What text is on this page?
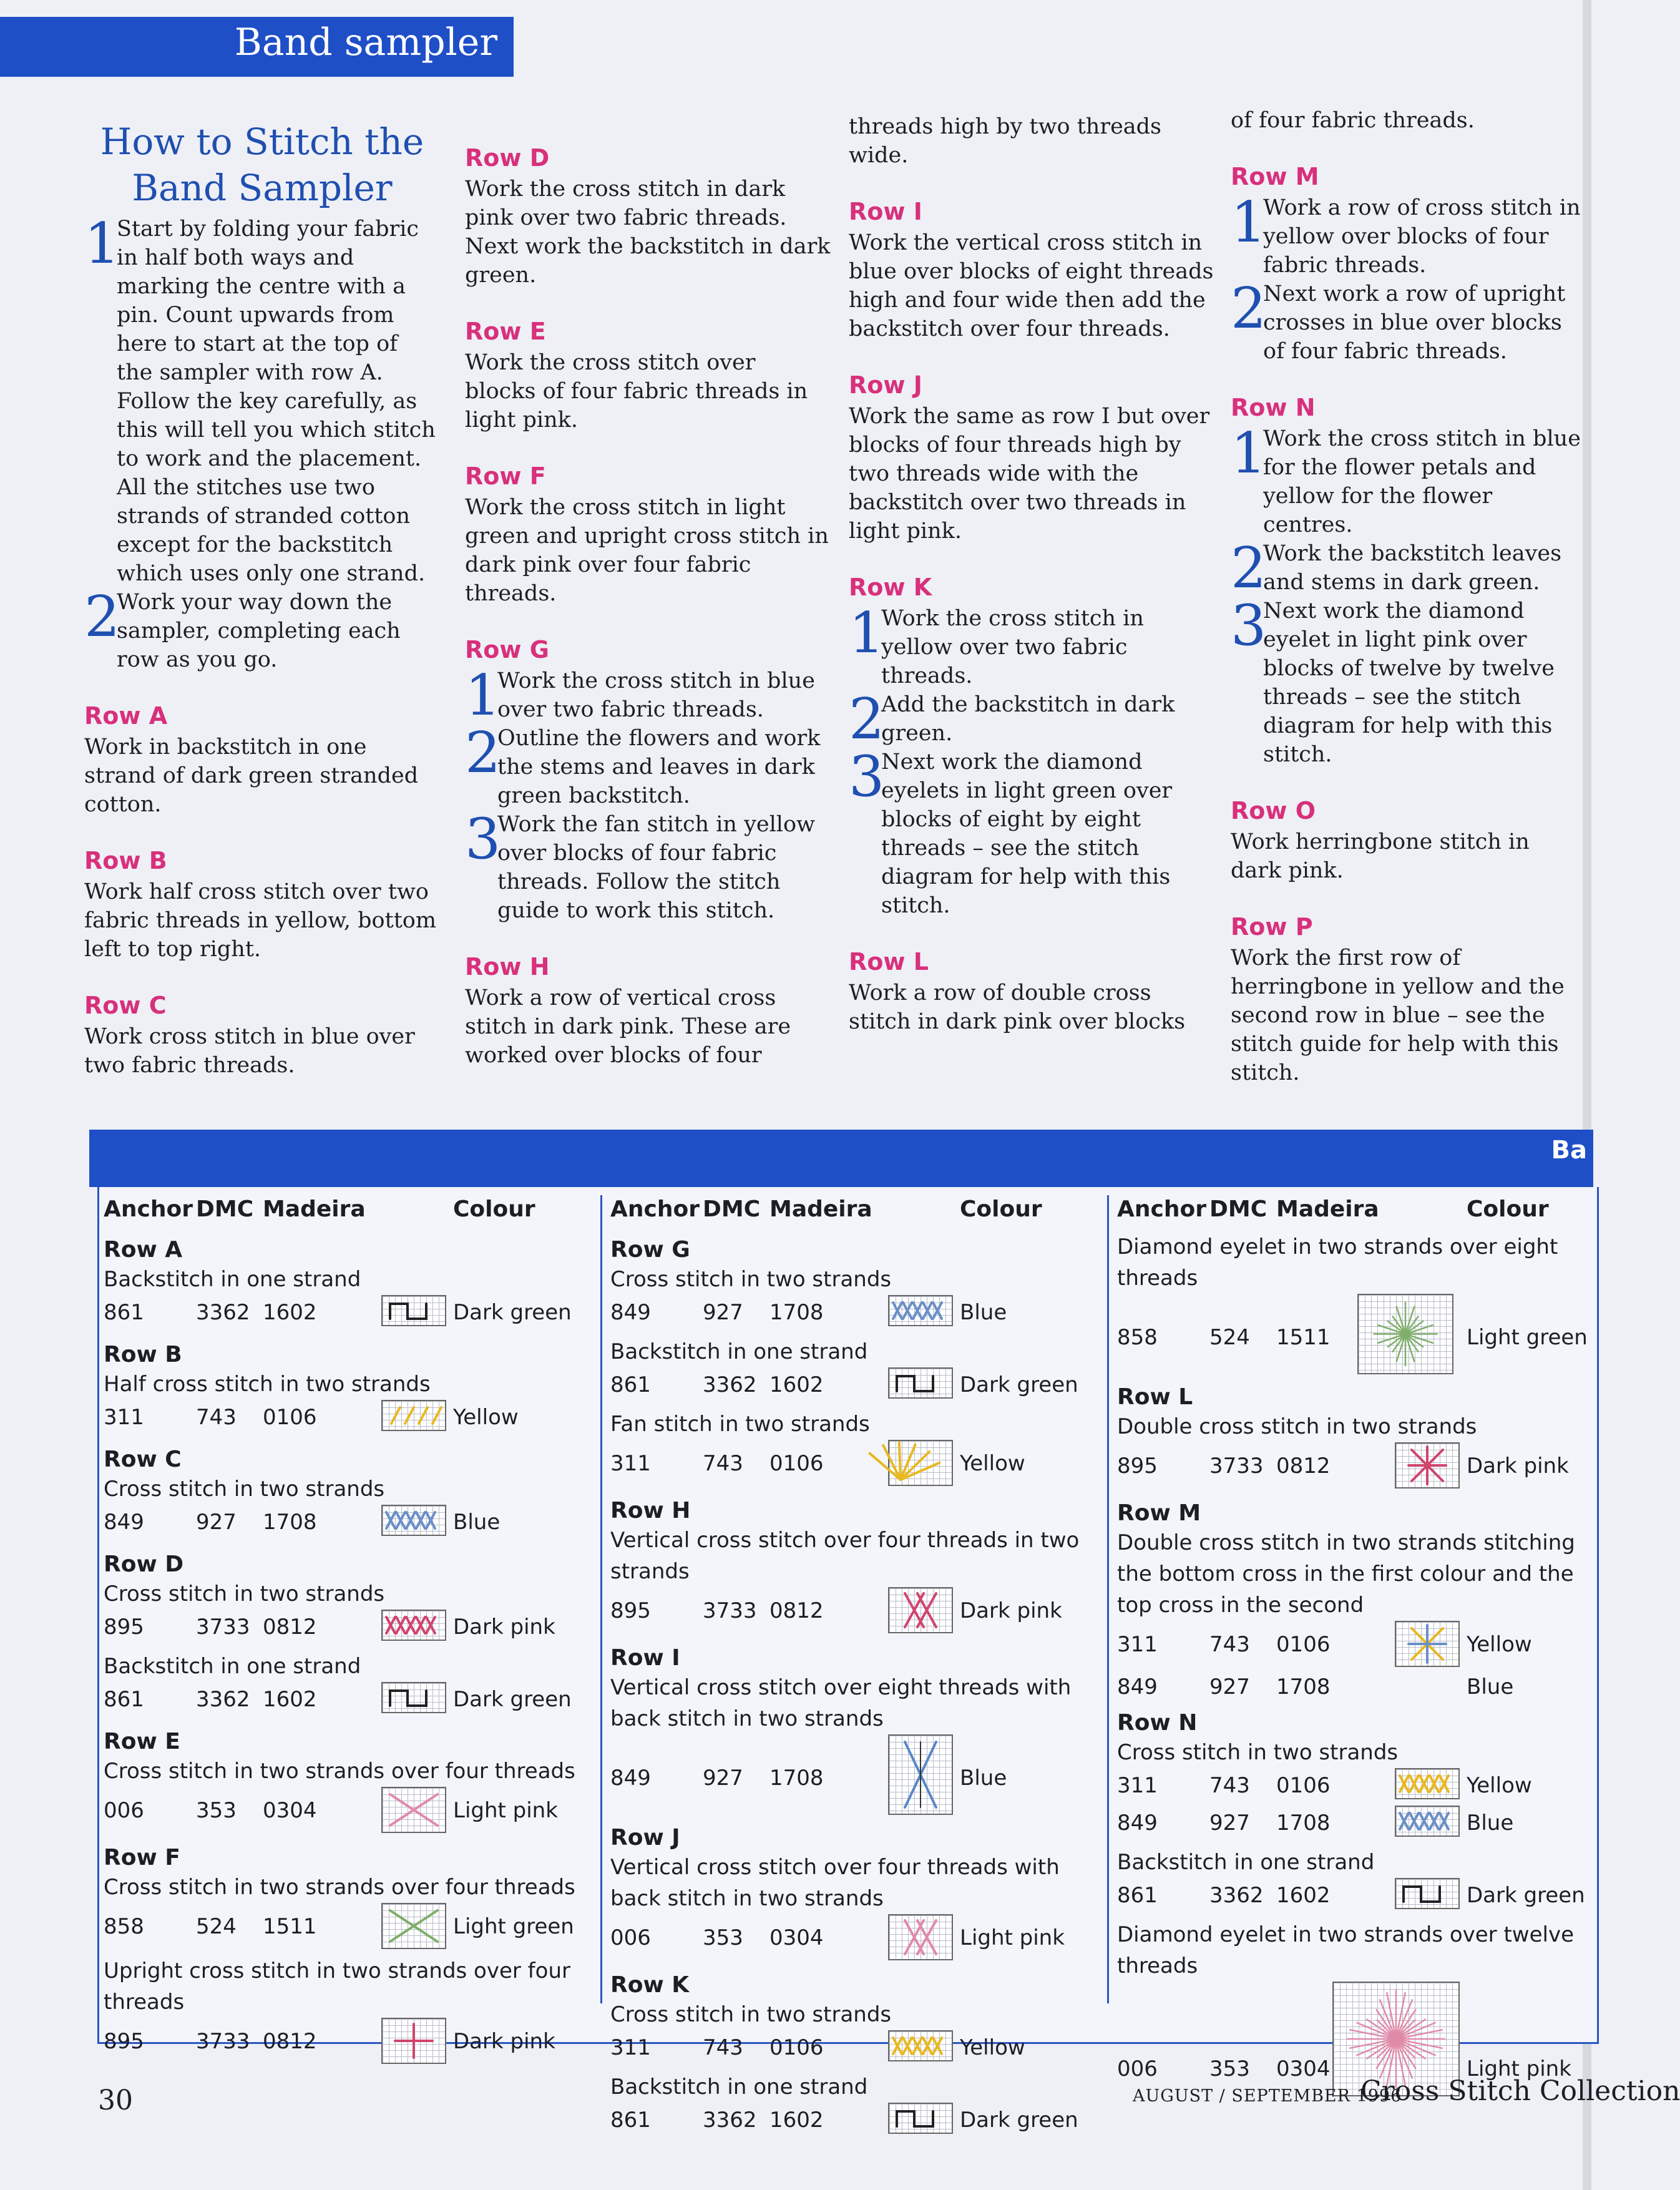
Band sampler
How to Stitch the Band Sampler
1
Start by folding your fabric in half both ways and marking the centre with a pin. Count upwards from here to start at the top of the sampler with row A. Follow the key carefully, as this will tell you which stitch to work and the placement. All the stitches use two strands of stranded cotton except for the backstitch which uses only one strand.
2
Work your way down the sampler, completing each row as you go.
Row A

Work in backstitch in one strand of dark green stranded cotton.

Row B

Work half cross stitch over two fabric threads in yellow, bottom left to top right.

Row C

Work cross stitch in blue over two fabric threads.

Row D

Work the cross stitch in dark pink over two fabric threads. Next work the backstitch in dark green.

Row E

Work the cross stitch over blocks of four fabric threads in light pink.

Row F

Work the cross stitch in light green and upright cross stitch in dark pink over four fabric threads.

Row G
1
Work the cross stitch in blue over two fabric threads.
2
Outline the flowers and work the stems and leaves in dark green backstitch.
3
Work the fan stitch in yellow over blocks of four fabric threads. Follow the stitch guide to work this stitch.
Row H

Work a row of vertical cross stitch in dark pink. These are worked over blocks of four

threads high by two threads wide.

Row I

Work the vertical cross stitch in blue over blocks of eight threads high and four wide then add the backstitch over four threads.

Row J

Work the same as row I but over blocks of four threads high by two threads wide with the backstitch over two threads in light pink.

Row K
1
Work the cross stitch in yellow over two fabric threads.
2
Add the backstitch in dark green.
3
Next work the diamond eyelets in light green over blocks of eight by eight threads – see the stitch diagram for help with this stitch.
Row L

Work a row of double cross stitch in dark pink over blocks

of four fabric threads.

Row M
1
Work a row of cross stitch in yellow over blocks of four fabric threads.
2
Next work a row of upright crosses in blue over blocks of four fabric threads.
Row N
1
Work the cross stitch in blue for the flower petals and yellow for the flower centres.
2
Work the backstitch leaves and stems in dark green.
3
Next work the diamond eyelet in light pink over blocks of twelve by twelve threads – see the stitch diagram for help with this stitch.
Row O

Work herringbone stitch in dark pink.

Row P

Work the first row of herringbone in yellow and the second row in blue – see the stitch guide for help with this stitch.

Ba
Anchor DMC Madeira	Colour
Row A
Backstitch in one strand
861 3362 1602	Dark green
Row B
Half cross stitch in two strands
311 743 0106	Yellow
Row C
Cross stitch in two strands
849 927 1708	Blue
Row D
Cross stitch in two strands
895 3733 0812	Dark pink
Backstitch in one strand
861 3362 1602	Dark green
Row E
Cross stitch in two strands over four threads
006 353 0304	Light pink
Row F
Cross stitch in two strands over four threads
858 524 1511	Light green
Upright cross stitch in two strands over four threads
895 3733 0812	Dark pink
Anchor DMC Madeira	Colour
Row G
Cross stitch in two strands
849 927 1708	Blue
Backstitch in one strand
861 3362 1602	Dark green
Fan stitch in two strands
311 743 0106	Yellow
Row H
Vertical cross stitch over four threads in two strands
895 3733 0812	Dark pink
Row I
Vertical cross stitch over eight threads with back stitch in two strands
849 927 1708	Blue
Row J
Vertical cross stitch over four threads with back stitch in two strands
006 353 0304	Light pink
Row K
Cross stitch in two strands
311 743 0106	Yellow
Backstitch in one strand
861 3362 1602	Dark green
Anchor DMC Madeira	Colour
Diamond eyelet in two strands over eight threads
858 524 1511	Light green
Row L
Double cross stitch in two strands
895 3733 0812	Dark pink
Row M
Double cross stitch in two strands stitching the bottom cross in the first colour and the top cross in the second
311 743 0106	Yellow
849 927 1708	Blue
Row N
Cross stitch in two strands
311 743 0106	Yellow
849 927 1708	Blue
Backstitch in one strand
861 3362 1602	Dark green
Diamond eyelet in two strands over twelve threads
006 353 0304	Light pink
30	AUGUST / SEPTEMBER 1996
Cross Stitch Collection
